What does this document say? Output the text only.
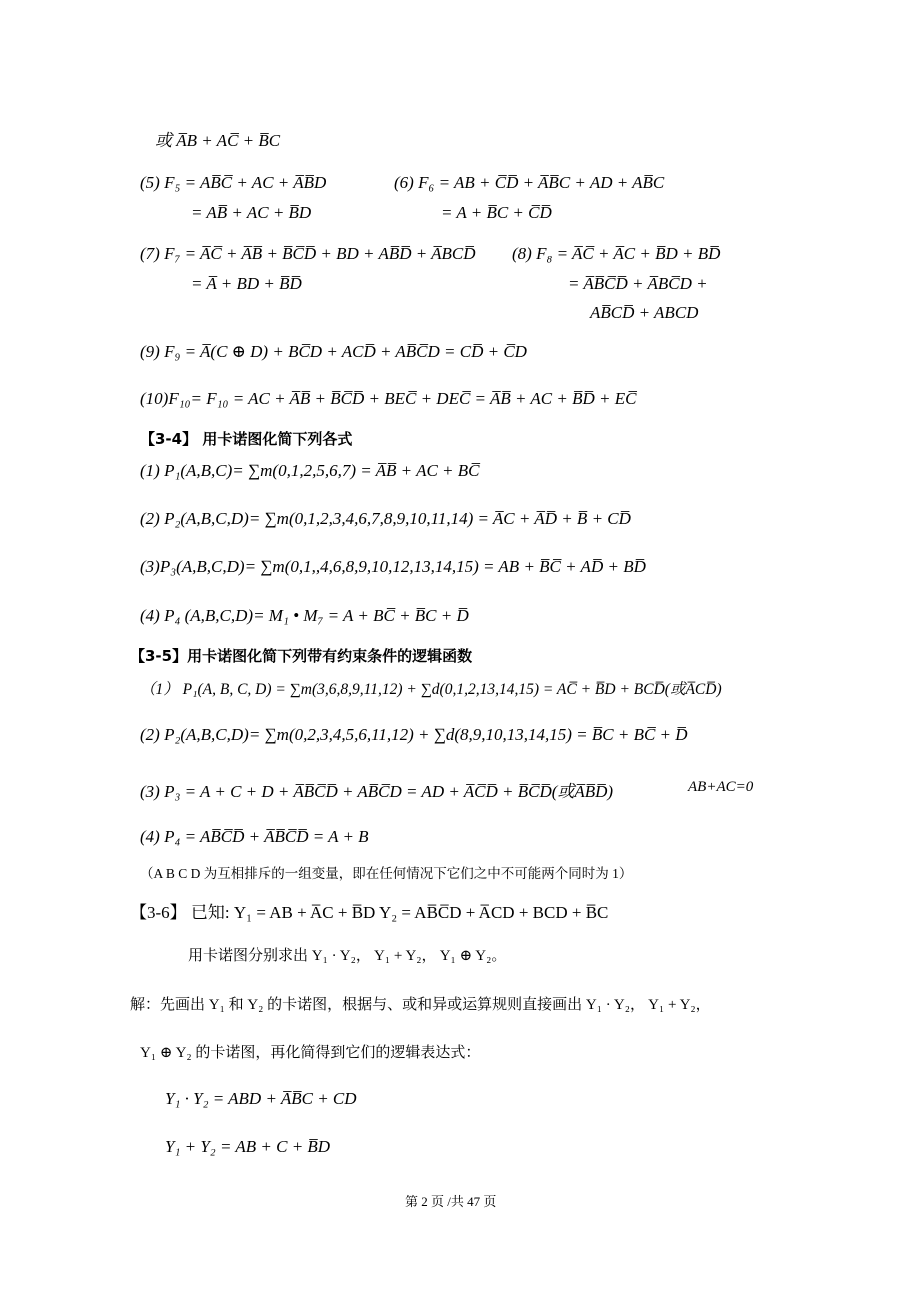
或 A̅B + AC̅ + B̅C
(5) F₅ = AB̅C̅ + AC + A̅B̅D	(6) F₆ = AB + C̅D̅ + A̅B̅C + AD + AB̅C
= AB̅ + AC + B̅D	= A + B̅C + C̅D̅
(7) F₇ = A̅C̅ + A̅B̅ + B̅C̅D̅ + BD + AB̅D̅ + A̅BCD̅ (8) F₈ = A̅C̅ + A̅C + B̅D + BD̅
= A̅ + BD + B̅D̅	= A̅B̅C̅D̅ + A̅BC̅D +
AB̅CD̅ + ABCD
(9) F₉ = A̅(C ⊕ D) + BC̅D + ACD̅ + AB̅C̅D = CD̅ + C̅D
(10)F₁₀= F₁₀ = AC + A̅B̅ + B̅C̅D̅ + BEC̅ + DEC̅ = A̅B̅ + AC + B̅D̅ + EC̅
【3-4】 用卡诺图化简下列各式
(1) P₁(A,B,C)= ∑m(0,1,2,5,6,7) = A̅B̅ + AC + BC̅
(2) P₂(A,B,C,D)= ∑m(0,1,2,3,4,6,7,8,9,10,11,14) = A̅C + A̅D̅ + B̅ + CD̅
(3)P₃(A,B,C,D)= ∑m(0,1,,4,6,8,9,10,12,13,14,15) = AB + B̅C̅ + AD̅ + BD̅
(4) P₄ (A,B,C,D)= M₁ • M₇ = A + BC̅ + B̅C + D̅
【3-5】用卡诺图化简下列带有约束条件的逻辑函数
（1） P₁(A, B, C, D) = ∑m(3,6,8,9,11,12) + ∑d(0,1,2,13,14,15) = AC̅ + B̅D + BCD̅(或A̅CD̅)
(2) P₂(A,B,C,D)= ∑m(0,2,3,4,5,6,11,12) + ∑d(8,9,10,13,14,15) = B̅C + BC̅ + D̅
(3) P₃ = A + C + D + A̅B̅C̅D̅ + AB̅C̅D = AD + A̅C̅D̅ + B̅C̅D̅(或A̅B̅D̅)	AB+AC=0
(4) P₄ = AB̅C̅D̅ + A̅B̅C̅D̅ = A + B
（A B C D 为互相排斥的一组变量，即在任何情况下它们之中不可能两个同时为 1）
【3-6】 已知: Y₁ = AB + A̅C + B̅D Y₂ = AB̅C̅D + A̅CD + BCD + B̅C
用卡诺图分别求出 Y₁ · Y₂， Y₁ + Y₂， Y₁ ⊕ Y₂。
解：先画出 Y₁ 和 Y₂ 的卡诺图，根据与、或和异或运算规则直接画出 Y₁ · Y₂， Y₁ + Y₂，
Y₁ ⊕ Y₂ 的卡诺图，再化简得到它们的逻辑表达式：
Y₁ · Y₂ = ABD + A̅B̅C + CD
Y₁ + Y₂ = AB + C + B̅D
第 2 页 /共 47 页
